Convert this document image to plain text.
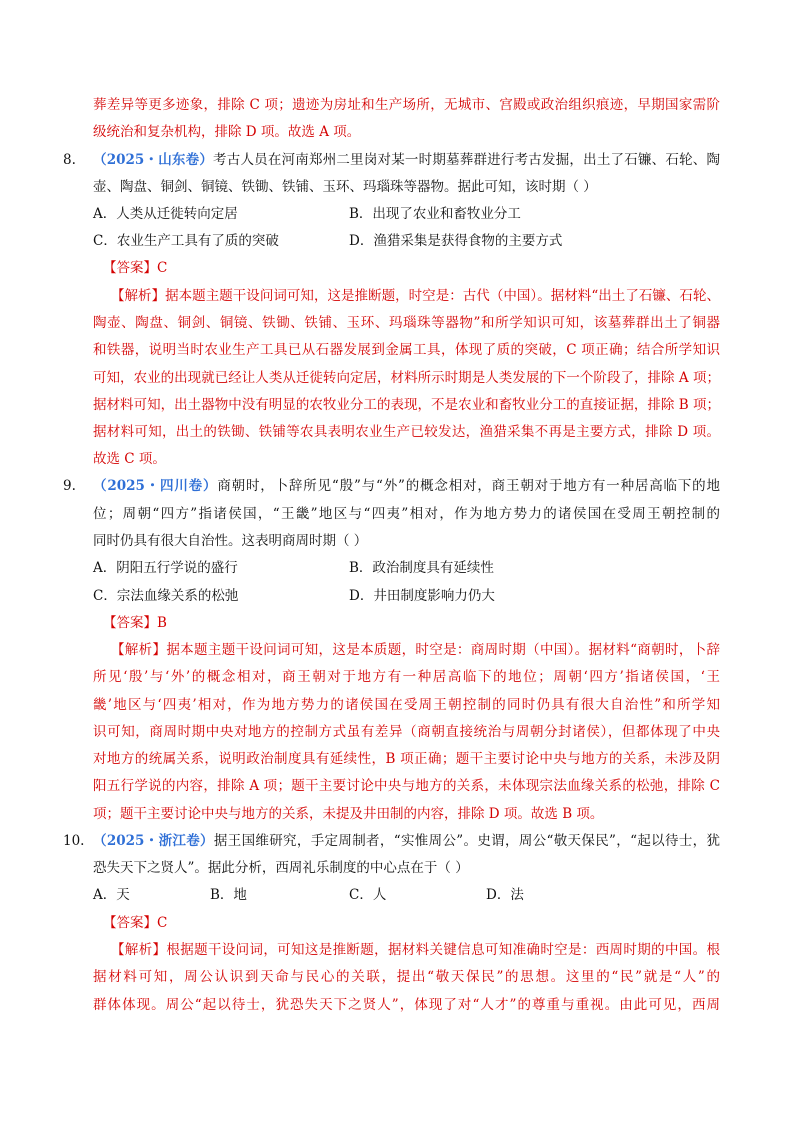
葬差异等更多迹象，排除 C 项；遗迹为房址和生产场所，无城市、宫殿或政治组织痕迹，早期国家需阶
级统治和复杂机构，排除 D 项。故选 A 项。
8. （2025・山东卷）考古人员在河南郑州二里岗对某一时期墓葬群进行考古发掘，出土了石镰、石轮、陶
壶、陶盘、铜剑、铜镜、铁锄、铁铺、玉环、玛瑙珠等器物。据此可知，该时期（ ）
A．人类从迁徙转向定居	B．出现了农业和畜牧业分工
C．农业生产工具有了质的突破	D．渔猎采集是获得食物的主要方式
【答案】C
【解析】据本题主题干设问词可知，这是推断题，时空是：古代（中国）。据材料“出土了石镰、石轮、
陶壶、陶盘、铜剑、铜镜、铁锄、铁铺、玉环、玛瑙珠等器物”和所学知识可知，该墓葬群出土了铜器
和铁器，说明当时农业生产工具已从石器发展到金属工具，体现了质的突破，C 项正确；结合所学知识
可知，农业的出现就已经让人类从迁徙转向定居，材料所示时期是人类发展的下一个阶段了，排除 A 项；
据材料可知，出土器物中没有明显的农牧业分工的表现，不是农业和畜牧业分工的直接证据，排除 B 项；
据材料可知，出土的铁锄、铁铺等农具表明农业生产已较发达，渔猎采集不再是主要方式，排除 D 项。
故选 C 项。
9. （2025・四川卷）商朝时，卜辞所见“殷”与“外”的概念相对，商王朝对于地方有一种居高临下的地
位；周朝“四方”指诸侯国，“王畿”地区与“四夷”相对，作为地方势力的诸侯国在受周王朝控制的
同时仍具有很大自治性。这表明商周时期（ ）
A．阴阳五行学说的盛行	B．政治制度具有延续性
C．宗法血缘关系的松弛	D．井田制度影响力仍大
【答案】B
【解析】据本题主题干设问词可知，这是本质题，时空是：商周时期（中国）。据材料“商朝时，卜辞
所见‘殷’与‘外’的概念相对，商王朝对于地方有一种居高临下的地位；周朝‘四方’指诸侯国，‘王
畿’地区与‘四夷’相对，作为地方势力的诸侯国在受周王朝控制的同时仍具有很大自治性”和所学知
识可知，商周时期中央对地方的控制方式虽有差异（商朝直接统治与周朝分封诸侯），但都体现了中央
对地方的统属关系，说明政治制度具有延续性，B 项正确；题干主要讨论中央与地方的关系，未涉及阴
阳五行学说的内容，排除 A 项；题干主要讨论中央与地方的关系，未体现宗法血缘关系的松弛，排除 C
项；题干主要讨论中央与地方的关系，未提及井田制的内容，排除 D 项。故选 B 项。
10. （2025・浙江卷）据王国维研究，手定周制者，“实惟周公”。史谓，周公“敬天保民”，“起以待士，犹
恐失天下之贤人”。据此分析，西周礼乐制度的中心点在于（ ）
A．天	B．地	C．人	D．法
【答案】C
【解析】根据题干设问词，可知这是推断题，据材料关键信息可知准确时空是：西周时期的中国。根
据材料可知，周公认识到天命与民心的关联，提出“敬天保民”的思想。这里的“民”就是“人”的
群体体现。周公“起以待士，犹恐失天下之贤人”，体现了对“人才”的尊重与重视。由此可见，西周
